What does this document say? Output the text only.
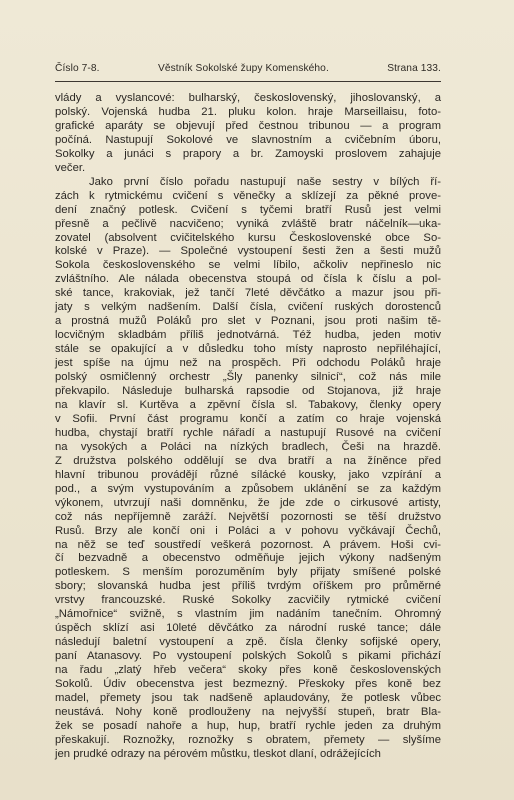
Číslo 7-8.	Věstník Sokolské župy Komenského.	Strana 133.
vlády a vyslancové: bulharský, československý, jihoslovanský, a
polský. Vojenská hudba 21. pluku kolon. hraje Marseillaisu, foto-
grafické aparáty se objevují před čestnou tribunou — a program
počíná. Nastupují Sokolové ve slavnostním a cvičebním úboru,
Sokolky a junáci s prapory a br. Zamoyski proslovem zahajuje
večer.
Jako první číslo pořadu nastupují naše sestry v bílých ří-
zách k rytmickému cvičení s věnečky a sklízejí za pěkné prove-
dení značný potlesk. Cvičení s tyčemi bratří Rusů jest velmi
přesně a pečlivě nacvičeno; vyniká zvláště bratr náčelník—uka-
zovatel (absolvent cvičitelského kursu Československé obce So-
kolské v Praze). — Společné vystoupení šesti žen a šesti mužů
Sokola československého se velmi líbilo, ačkoliv nepřineslo nic
zvláštního. Ale nálada obecenstva stoupá od čísla k číslu a pol-
ské tance, krakoviak, jež tančí 7leté děvčátko a mazur jsou při-
jaty s velkým nadšením. Další čísla, cvičení ruských dorostenců
a prostná mužů Poláků pro slet v Poznani, jsou proti našim tě-
locvičným skladbám příliš jednotvárná. Též hudba, jeden motiv
stále se opakující a v důsledku toho místy naprosto nepřiléhající,
jest spíše na újmu než na prospěch. Při odchodu Poláků hraje
polský osmičlenný orchestr „Šly panenky silnicí“, což nás mile
překvapilo. Následuje bulharská rapsodie od Stojanova, již hraje
na klavír sl. Kurtěva a zpěvní čísla sl. Tabakovy, členky opery
v Sofii. První část programu končí a zatím co hraje vojenská
hudba, chystají bratří rychle nářadí a nastupují Rusové na cvičení
na vysokých a Poláci na nízkých bradlech, Češi na hrazdě.
Z družstva polského oddělují se dva bratří a na žíněnce před
hlavní tribunou provádějí různé sílácké kousky, jako vzpírání a
pod., a svým vystupováním a způsobem uklánění se za každým
výkonem, utvrzují naši domněnku, že jde zde o cirkusové artisty,
což nás nepříjemně zaráží. Největší pozornosti se těší družstvo
Rusů. Brzy ale končí oni i Poláci a v pohovu vyčkávají Čechů,
na něž se teď soustředí veškerá pozornost. A právem. Hoši cvi-
čí bezvadně a obecenstvo odměňuje jejich výkony nadšeným
potleskem. S menším porozuměním byly přijaty smíšené polské
sbory; slovanská hudba jest příliš tvrdým oříškem pro průměrné
vrstvy francouzské. Ruské Sokolky zacvičily rytmické cvičení
„Námořnice“ svižně, s vlastním jim nadáním tanečním. Ohromný
úspěch sklízí asi 10leté děvčátko za národní ruské tance; dále
následují baletní vystoupení a zpě. čísla členky sofijské opery,
paní Atanasovy. Po vystoupení polských Sokolů s pikami přichází
na řadu „zlatý hřeb večera“ skoky přes koně československých
Sokolů. Údiv obecenstva jest bezmezný. Přeskoky přes koně bez
madel, přemety jsou tak nadšeně aplaudovány, že potlesk vůbec
neustává. Nohy koně prodlouženy na nejvyšší stupeň, bratr Bla-
žek se posadí nahoře a hup, hup, bratří rychle jeden za druhým
přeskakují. Roznožky, roznožky s obratem, přemety — slyšíme
jen prudké odrazy na pérovém můstku, tleskot dlaní, odrážejících
